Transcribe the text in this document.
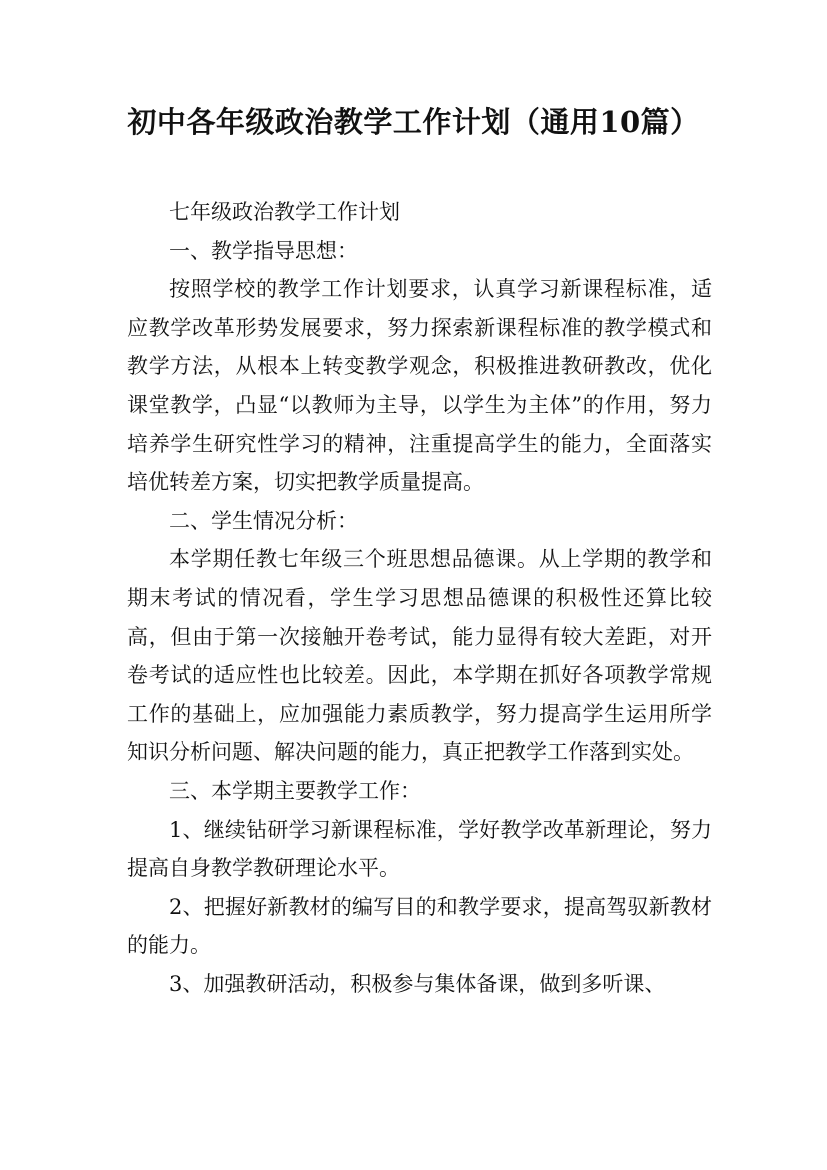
初中各年级政治教学工作计划（通用10篇）

七年级政治教学工作计划

一、教学指导思想：

按照学校的教学工作计划要求，认真学习新课程标准，适应教学改革形势发展要求，努力探索新课程标准的教学模式和教学方法，从根本上转变教学观念，积极推进教研教改，优化课堂教学，凸显“以教师为主导，以学生为主体”的作用，努力培养学生研究性学习的精神，注重提高学生的能力，全面落实培优转差方案，切实把教学质量提高。

二、学生情况分析：

本学期任教七年级三个班思想品德课。从上学期的教学和期末考试的情况看，学生学习思想品德课的积极性还算比较高，但由于第一次接触开卷考试，能力显得有较大差距，对开卷考试的适应性也比较差。因此，本学期在抓好各项教学常规工作的基础上，应加强能力素质教学，努力提高学生运用所学知识分析问题、解决问题的能力，真正把教学工作落到实处。

三、本学期主要教学工作：

1、继续钻研学习新课程标准，学好教学改革新理论，努力提高自身教学教研理论水平。

2、把握好新教材的编写目的和教学要求，提高驾驭新教材的能力。

3、加强教研活动，积极参与集体备课，做到多听课、
